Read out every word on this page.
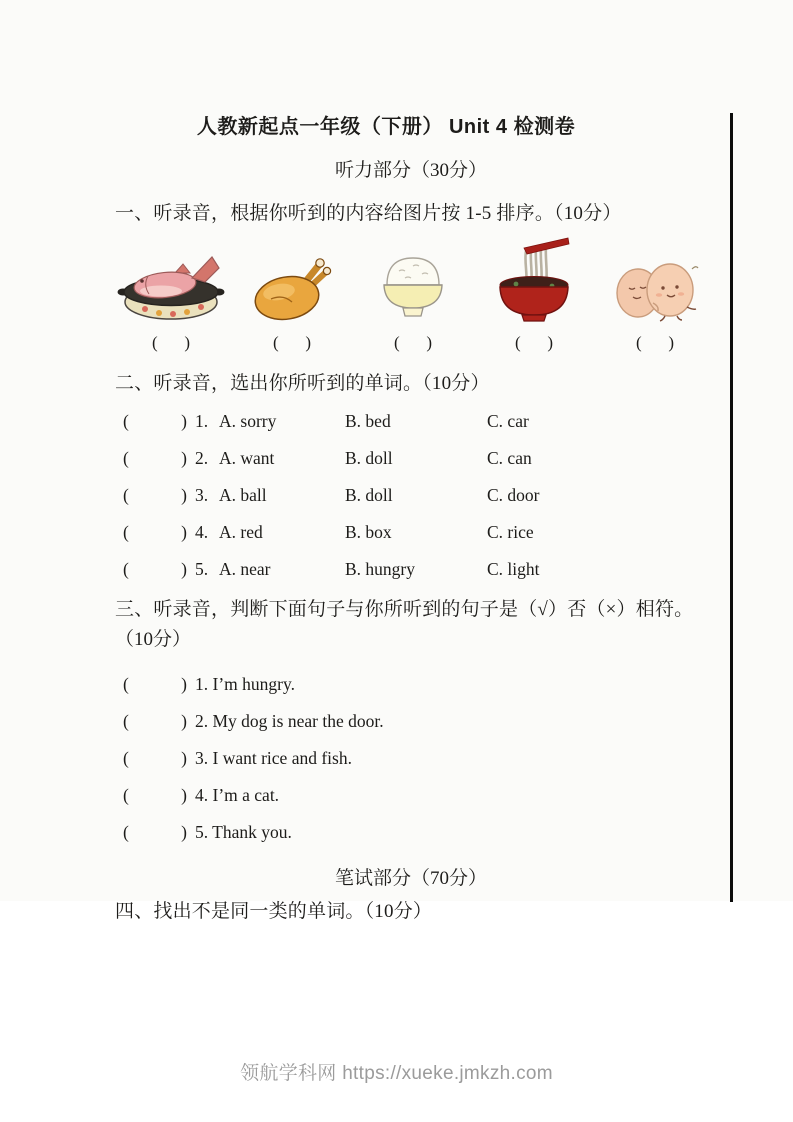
人教新起点一年级（下册） Unit 4 检测卷
听力部分（30分）

一、听录音，根据你听到的内容给图片按 1-5 排序。（10分）

( )	( )	( )	( )	( )

二、听录音，选出你所听到的单词。（10分）

(	) 1. A. sorry	B. bed	C. car
(	) 2. A. want	B. doll	C. can
(	) 3. A. ball	B. doll	C. door
(	) 4. A. red	B. box	C. rice
(	) 5. A. near	B. hungry	C. light

三、听录音，判断下面句子与你所听到的句子是（√）否（×）相符。

（10分）

(	) 1. I’m hungry.
(	) 2. My dog is near the door.
(	) 3. I want rice and fish.
(	) 4. I’m a cat.
(	) 5. Thank you.
笔试部分（70分）

四、找出不是同一类的单词。（10分）

领航学科网 https://xueke.jmkzh.com
